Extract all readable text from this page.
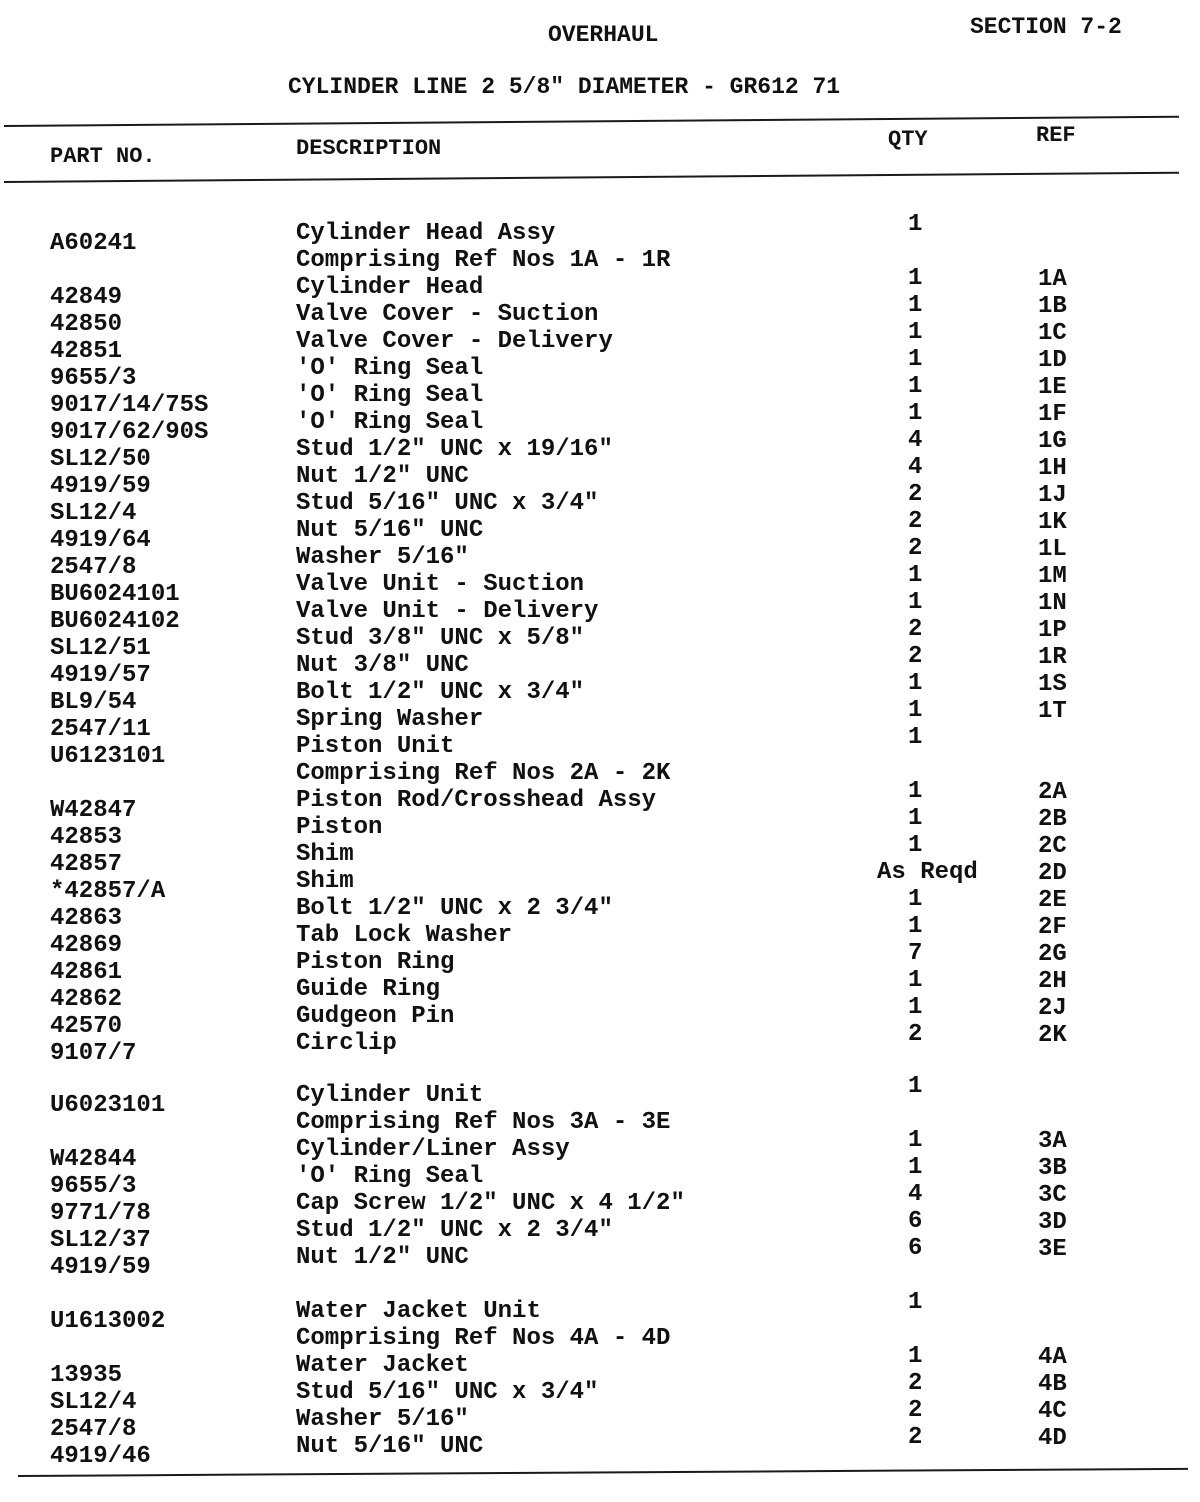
OVERHAUL	SECTION 7-2
CYLINDER LINE 2 5/8" DIAMETER - GR612 71
PART NO.	DESCRIPTION	QTY	REF
A60241	Cylinder Head Assy	1
Comprising Ref Nos 1A - 1R
42849	Cylinder Head	1	1A
42850	Valve Cover - Suction	1	1B
42851	Valve Cover - Delivery	1	1C
9655/3	'O' Ring Seal	1	1D
9017/14/75S	'O' Ring Seal	1	1E
9017/62/90S	'O' Ring Seal	1	1F
SL12/50	Stud 1/2" UNC x 19/16"	4	1G
4919/59	Nut 1/2" UNC	4	1H
SL12/4	Stud 5/16" UNC x 3/4"	2	1J
4919/64	Nut 5/16" UNC	2	1K
2547/8	Washer 5/16"	2	1L
BU6024101	Valve Unit - Suction	1	1M
BU6024102	Valve Unit - Delivery	1	1N
SL12/51	Stud 3/8" UNC x 5/8"	2	1P
4919/57	Nut 3/8" UNC	2	1R
BL9/54	Bolt 1/2" UNC x 3/4"	1	1S
2547/11	Spring Washer	1	1T
U6123101	Piston Unit	1
Comprising Ref Nos 2A - 2K
W42847	Piston Rod/Crosshead Assy	1	2A
42853	Piston	1	2B
42857	Shim	1	2C
*42857/A	Shim	As Reqd	2D
42863	Bolt 1/2" UNC x 2 3/4"	1	2E
42869	Tab Lock Washer	1	2F
42861	Piston Ring	7	2G
42862	Guide Ring	1	2H
42570	Gudgeon Pin	1	2J
9107/7	Circlip	2	2K
U6023101	Cylinder Unit	1
Comprising Ref Nos 3A - 3E
W42844	Cylinder/Liner Assy	1	3A
9655/3	'O' Ring Seal	1	3B
9771/78	Cap Screw 1/2" UNC x 4 1/2"	4	3C
SL12/37	Stud 1/2" UNC x 2 3/4"	6	3D
4919/59	Nut 1/2" UNC	6	3E
U1613002	Water Jacket Unit	1
Comprising Ref Nos 4A - 4D
13935	Water Jacket	1	4A
SL12/4	Stud 5/16" UNC x 3/4"	2	4B
2547/8	Washer 5/16"	2	4C
4919/46	Nut 5/16" UNC	2	4D
